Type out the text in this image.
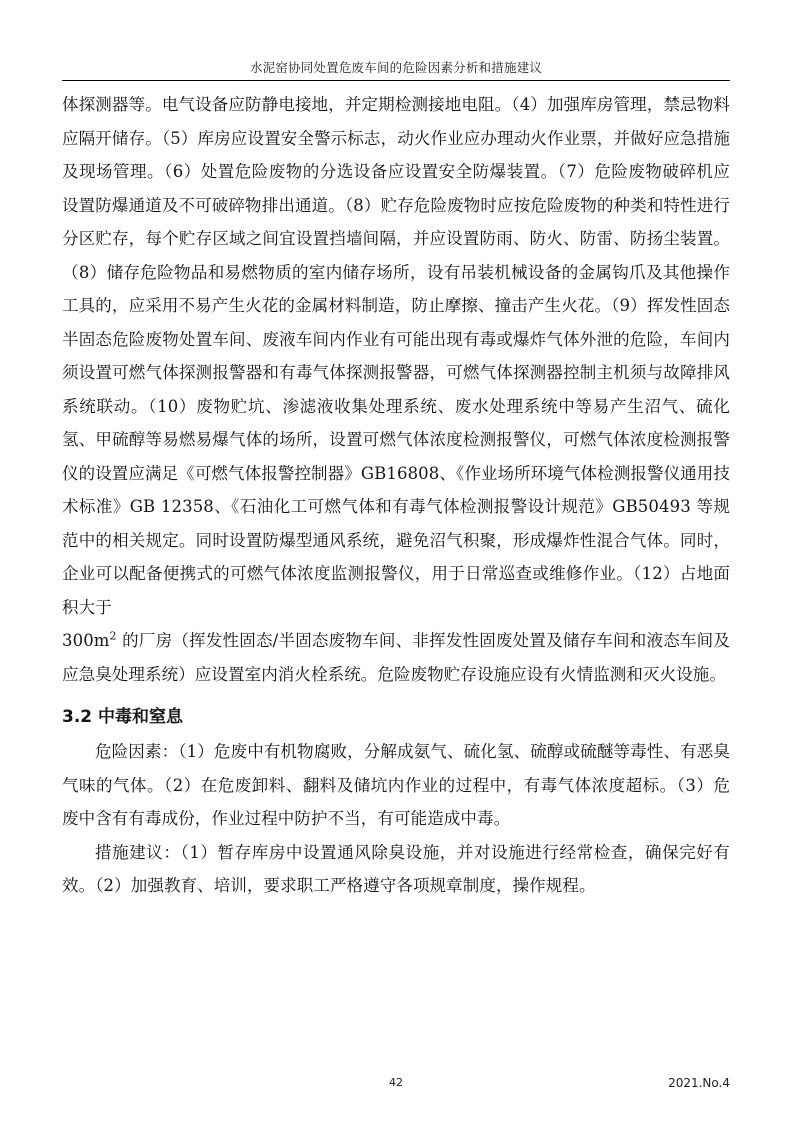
水泥窑协同处置危废车间的危险因素分析和措施建议

体探测器等。电气设备应防静电接地，并定期检测接地电阻。（4）加强库房管理，禁忌物料应隔开储存。（5）库房应设置安全警示标志，动火作业应办理动火作业票，并做好应急措施及现场管理。（6）处置危险废物的分选设备应设置安全防爆装置。（7）危险废物破碎机应设置防爆通道及不可破碎物排出通道。（8）贮存危险废物时应按危险废物的种类和特性进行分区贮存，每个贮存区域之间宜设置挡墙间隔，并应设置防雨、防火、防雷、防扬尘装置。（8）储存危险物品和易燃物质的室内储存场所，设有吊装机械设备的金属钩爪及其他操作工具的，应采用不易产生火花的金属材料制造，防止摩擦、撞击产生火花。（9）挥发性固态半固态危险废物处置车间、废液车间内作业有可能出现有毒或爆炸气体外泄的危险，车间内须设置可燃气体探测报警器和有毒气体探测报警器，可燃气体探测器控制主机须与故障排风系统联动。（10）废物贮坑、渗滤液收集处理系统、废水处理系统中等易产生沼气、硫化氢、甲硫醇等易燃易爆气体的场所，设置可燃气体浓度检测报警仪，可燃气体浓度检测报警仪的设置应满足《可燃气体报警控制器》GB16808、《作业场所环境气体检测报警仪通用技术标准》GB 12358、《石油化工可燃气体和有毒气体检测报警设计规范》GB50493 等规范中的相关规定。同时设置防爆型通风系统，避免沼气积聚，形成爆炸性混合气体。同时，企业可以配备便携式的可燃气体浓度监测报警仪，用于日常巡查或维修作业。（12）占地面积大于

$300m^2$ 的厂房（挥发性固态/半固态废物车间、非挥发性固废处置及储存车间和液态车间及应急臭处理系统）应设置室内消火栓系统。危险废物贮存设施应设有火情监测和灭火设施。

3.2 中毒和窒息

危险因素：（1）危废中有机物腐败，分解成氨气、硫化氢、硫醇或硫醚等毒性、有恶臭气味的气体。（2）在危废卸料、翻料及储坑内作业的过程中，有毒气体浓度超标。（3）危废中含有有毒成份，作业过程中防护不当，有可能造成中毒。

措施建议：（1）暂存库房中设置通风除臭设施，并对设施进行经常检查，确保完好有效。（2）加强教育、培训，要求职工严格遵守各项规章制度，操作规程。

42	2021.No.4
